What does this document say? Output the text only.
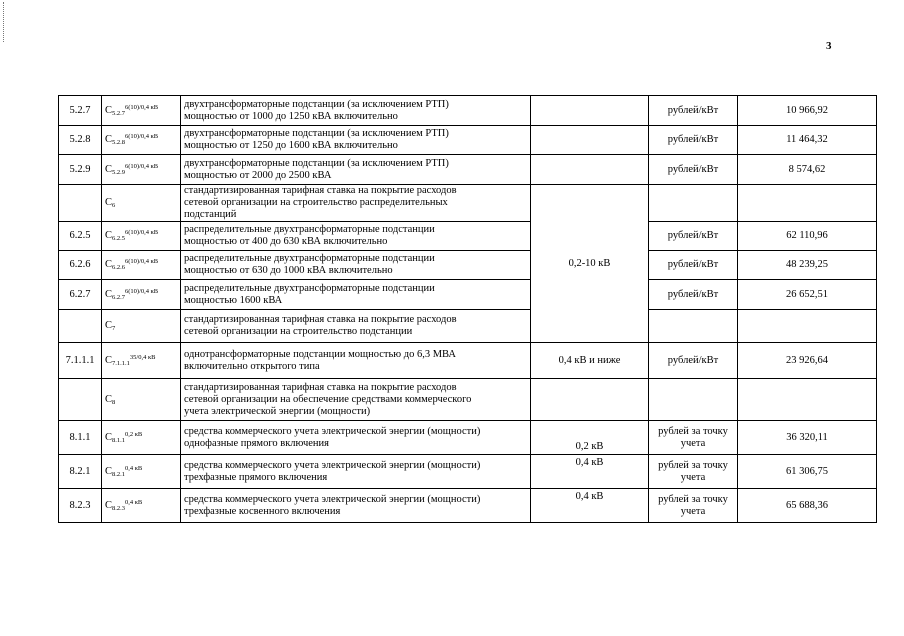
3
5.2.7	$C_{5.2.7}^{6(10)/0,4 кВ}$	двухтрансформаторные подстанции (за исключением РТП)
мощностью от 1000 до 1250 кВА включительно		рублей/кВт	10 966,92
5.2.8	$C_{5.2.8}^{6(10)/0,4 кВ}$	двухтрансформаторные подстанции (за исключением РТП)
мощностью от 1250 до 1600 кВА включительно		рублей/кВт	11 464,32
5.2.9	$C_{5.2.9}^{6(10)/0,4 кВ}$	двухтрансформаторные подстанции (за исключением РТП)
мощностью от 2000 до 2500 кВА		рублей/кВт	8 574,62
	$C_6$	стандартизированная тарифная ставка на покрытие расходов
сетевой организации на строительство распределительных
подстанций	0,2-10 кВ		
6.2.5	$C_{6.2.5}^{6(10)/0,4 кВ}$	распределительные двухтрансформаторные подстанции
мощностью от 400 до 630 кВА включительно		рублей/кВт	62 110,96
6.2.6	$C_{6.2.6}^{6(10)/0,4 кВ}$	распределительные двухтрансформаторные подстанции
мощностью от 630 до 1000 кВА включительно		рублей/кВт	48 239,25
6.2.7	$C_{6.2.7}^{6(10)/0,4 кВ}$	распределительные двухтрансформаторные подстанции
мощностью 1600 кВА		рублей/кВт	26 652,51
	$C_7$	стандартизированная тарифная ставка на покрытие расходов
сетевой организации на строительство подстанции			

7.1.1.1	$C_{7.1.1.1}^{35/0,4 кВ}$	однотрансформаторные подстанции мощностью до 6,3 МВА
включительно открытого типа	0,4 кВ и ниже	рублей/кВт	23 926,64
	$C_8$	стандартизированная тарифная ставка на покрытие расходов
сетевой организации на обеспечение средствами коммерческого
учета электрической энергии (мощности)			

8.1.1	$C_{8.1.1}^{0,2 кВ}$	средства коммерческого учета электрической энергии (мощности)
однофазные прямого включения	0,2 кВ	рублей за точку учета	36 320,11
8.2.1	$C_{8.2.1}^{0,4 кВ}$	средства коммерческого учета электрической энергии (мощности)
трехфазные прямого включения	0,4 кВ	рублей за точку учета	61 306,75
8.2.3	$C_{8.2.3}^{0,4 кВ}$	средства коммерческого учета электрической энергии (мощности)
трехфазные косвенного включения	0,4 кВ	рублей за точку учета	65 688,36
